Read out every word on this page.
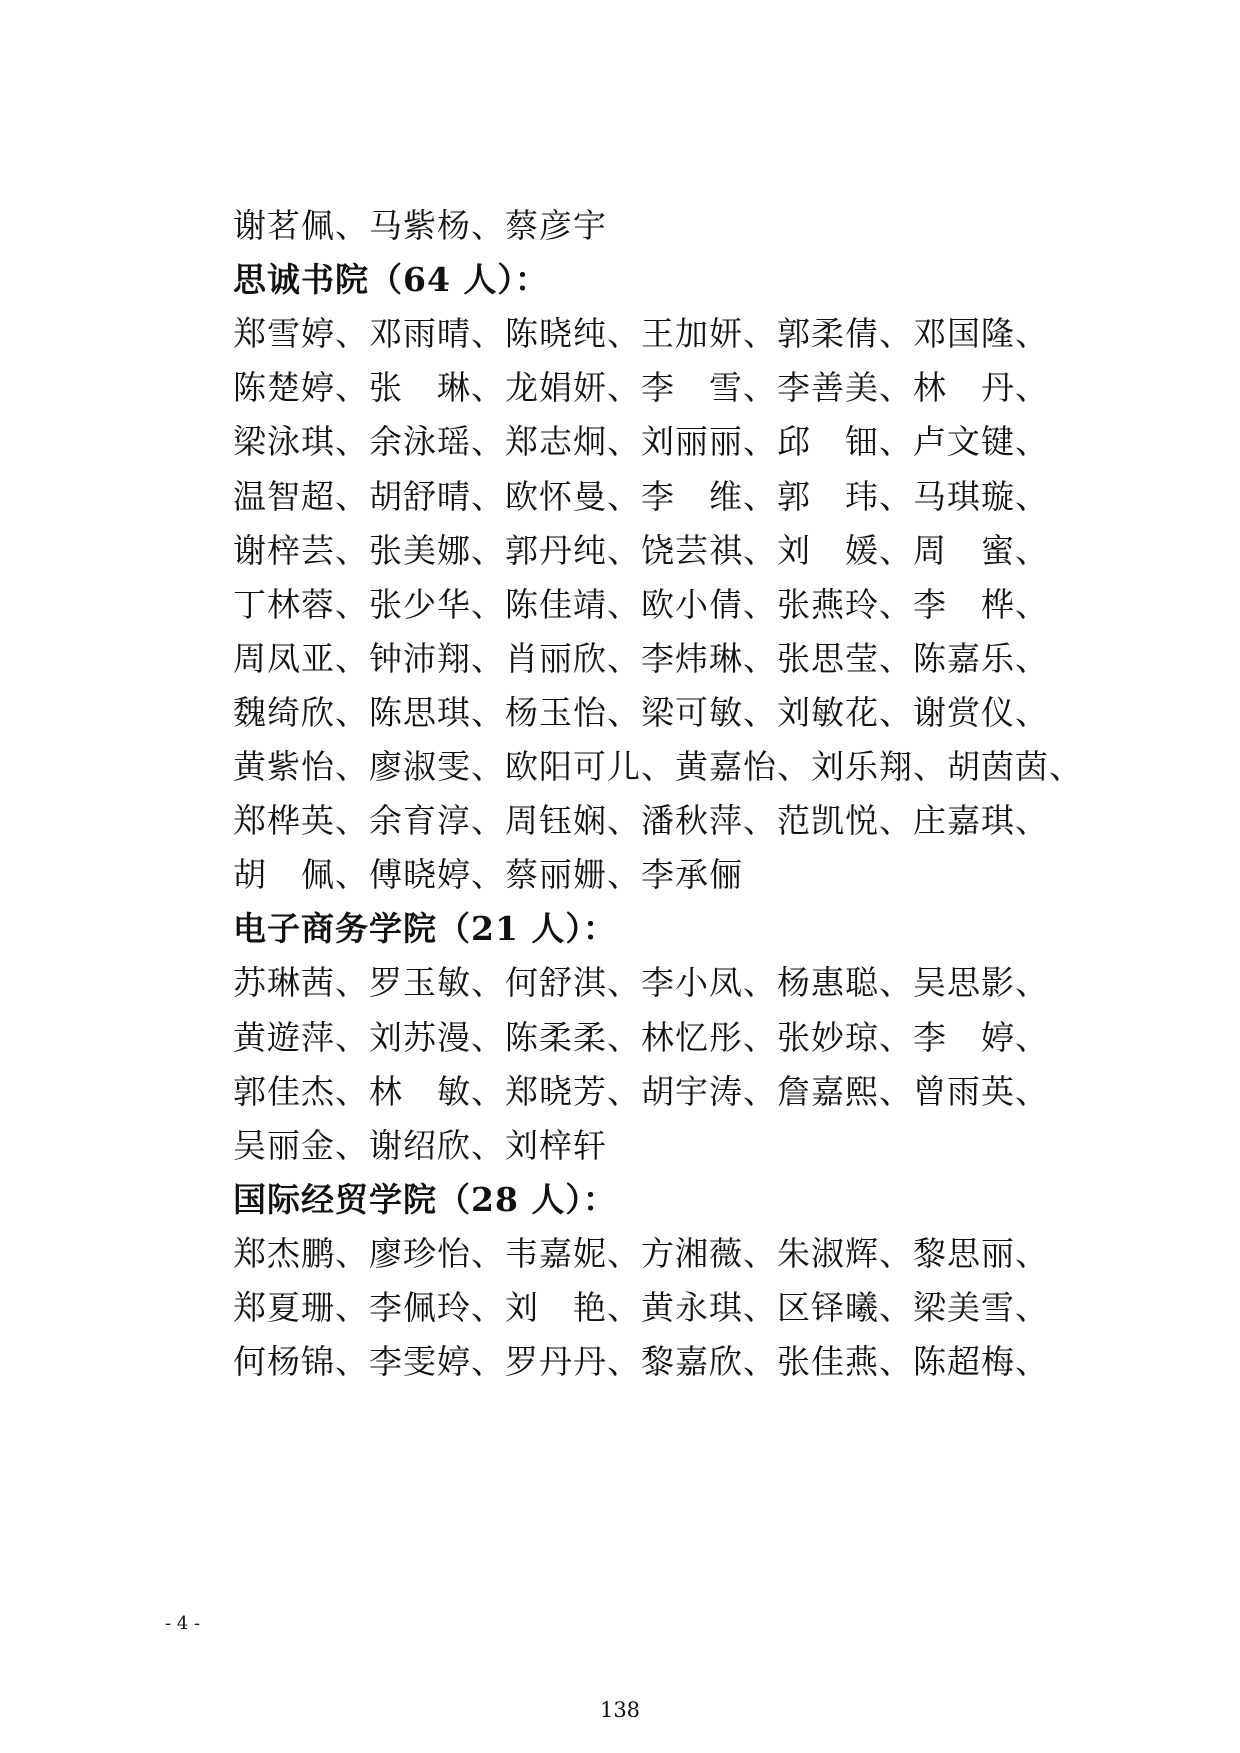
谢茗佩、马紫杨、蔡彦宇
思诚书院（64 人）：
郑雪婷、邓雨晴、陈晓纯、王加妍、郭柔倩、邓国隆、
陈楚婷、张　琳、龙娟妍、李　雪、李善美、林　丹、
梁泳琪、余泳瑶、郑志炯、刘丽丽、邱　钿、卢文键、
温智超、胡舒晴、欧怀曼、李　维、郭　玮、马琪璇、
谢梓芸、张美娜、郭丹纯、饶芸祺、刘　媛、周　蜜、
丁林蓉、张少华、陈佳靖、欧小倩、张燕玲、李　桦、
周凤亚、钟沛翔、肖丽欣、李炜琳、张思莹、陈嘉乐、
魏绮欣、陈思琪、杨玉怡、梁可敏、刘敏花、谢赏仪、
黄紫怡、廖淑雯、欧阳可儿、黄嘉怡、刘乐翔、胡茵茵、
郑桦英、余育淳、周钰娴、潘秋萍、范凯悦、庄嘉琪、
胡　佩、傅晓婷、蔡丽姗、李承俪
电子商务学院（21 人）：
苏琳茜、罗玉敏、何舒淇、李小凤、杨惠聪、吴思影、
黄遊萍、刘苏漫、陈柔柔、林忆彤、张妙琼、李　婷、
郭佳杰、林　敏、郑晓芳、胡宇涛、詹嘉熙、曾雨英、
吴丽金、谢绍欣、刘梓轩
国际经贸学院（28 人）：
郑杰鹏、廖珍怡、韦嘉妮、方湘薇、朱淑辉、黎思丽、
郑夏珊、李佩玲、刘　艳、黄永琪、区铎曦、梁美雪、
何杨锦、李雯婷、罗丹丹、黎嘉欣、张佳燕、陈超梅、
- 4 -
138
